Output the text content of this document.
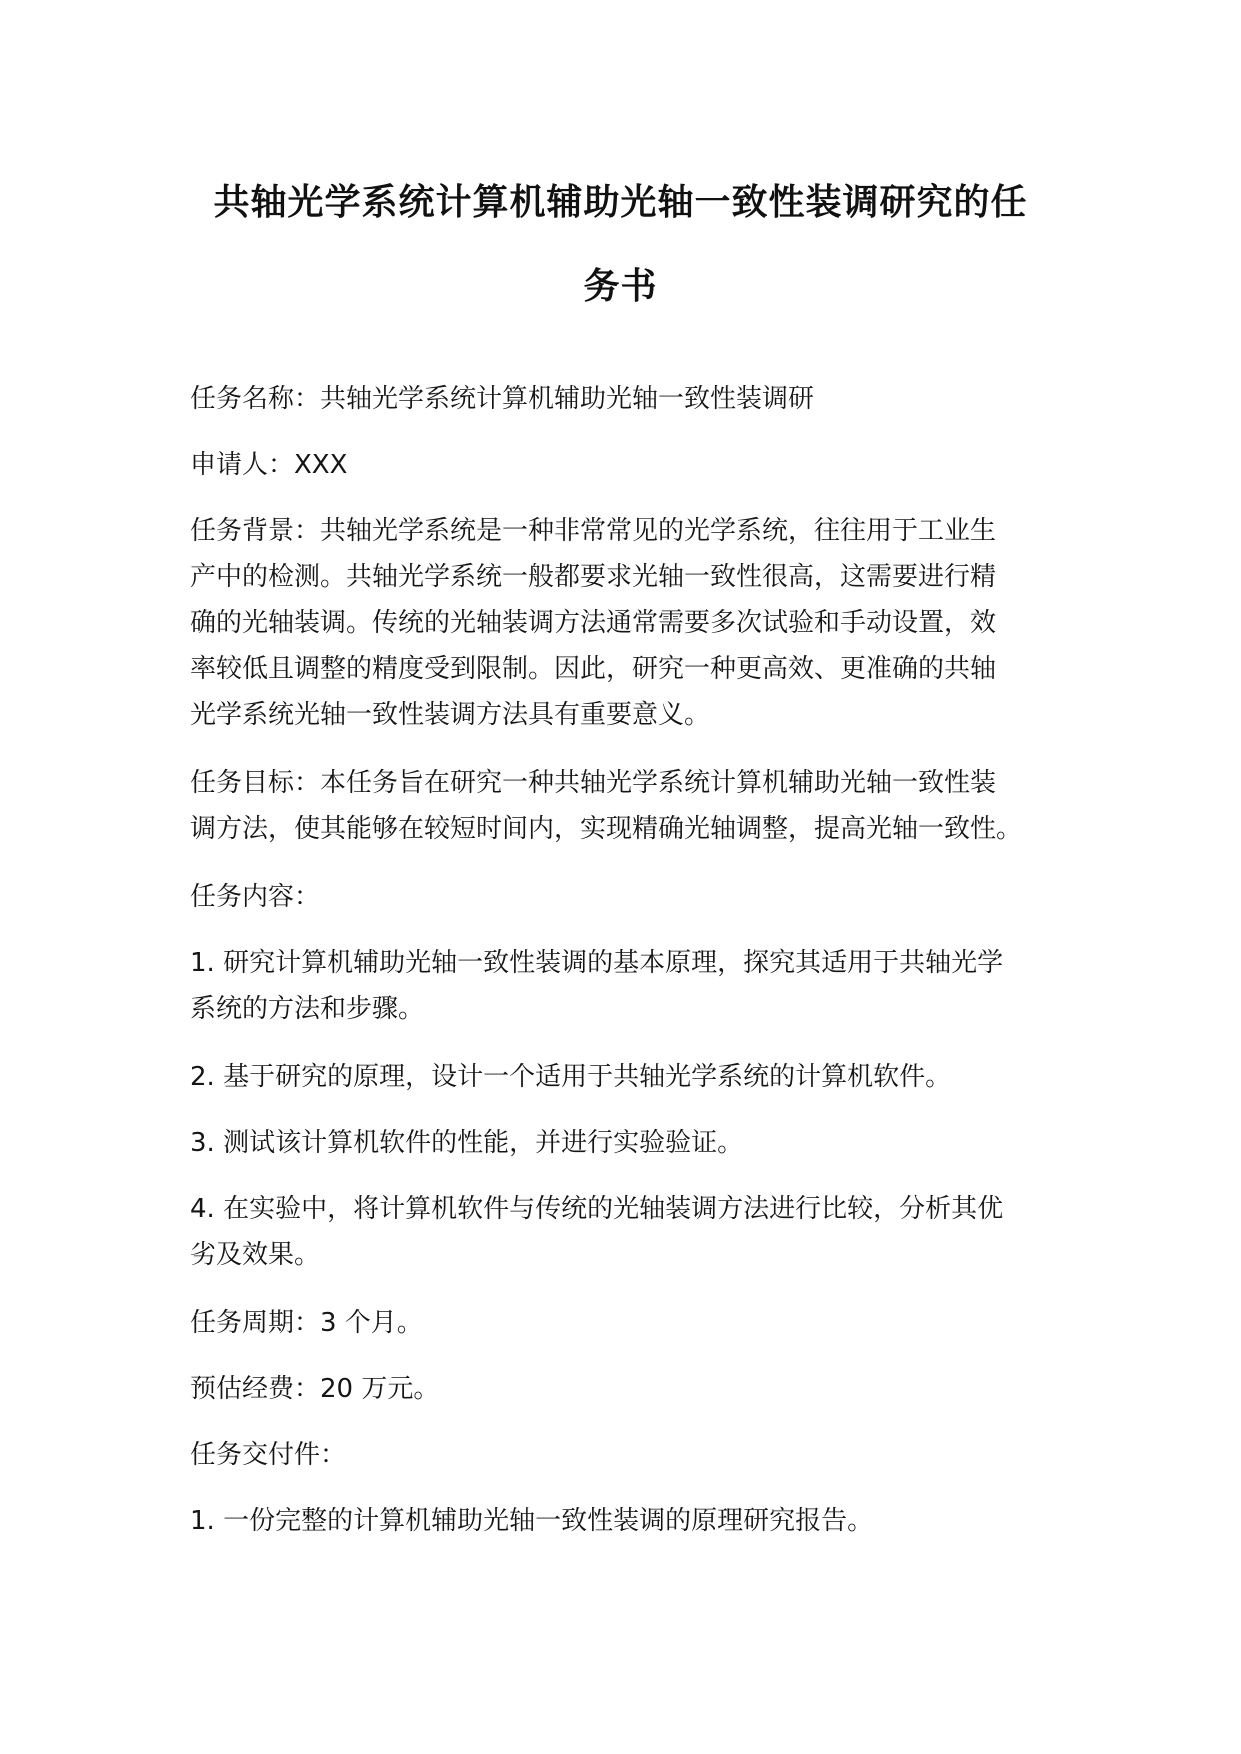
共轴光学系统计算机辅助光轴一致性装调研究的任
务书
任务名称：共轴光学系统计算机辅助光轴一致性装调研
申请人：XXX
任务背景：共轴光学系统是一种非常常见的光学系统，往往用于工业生
产中的检测。共轴光学系统一般都要求光轴一致性很高，这需要进行精
确的光轴装调。传统的光轴装调方法通常需要多次试验和手动设置，效
率较低且调整的精度受到限制。因此，研究一种更高效、更准确的共轴
光学系统光轴一致性装调方法具有重要意义。
任务目标：本任务旨在研究一种共轴光学系统计算机辅助光轴一致性装
调方法，使其能够在较短时间内，实现精确光轴调整，提高光轴一致性。
任务内容：
1. 研究计算机辅助光轴一致性装调的基本原理，探究其适用于共轴光学
系统的方法和步骤。
2. 基于研究的原理，设计一个适用于共轴光学系统的计算机软件。
3. 测试该计算机软件的性能，并进行实验验证。
4. 在实验中，将计算机软件与传统的光轴装调方法进行比较，分析其优
劣及效果。
任务周期：3 个月。
预估经费：20 万元。
任务交付件：
1. 一份完整的计算机辅助光轴一致性装调的原理研究报告。
